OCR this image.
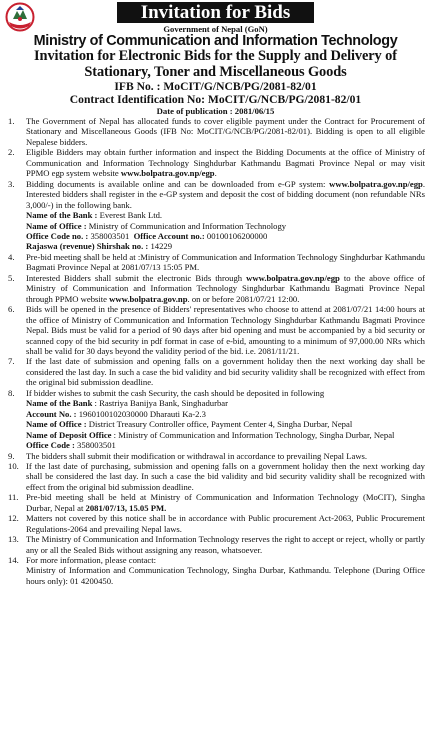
Invitation for Bids
Government of Nepal (GoN)
Ministry of Communication and Information Technology
Invitation for Electronic Bids for the Supply and Delivery of Stationary, Toner and Miscellaneous Goods
IFB No. : MoCIT/G/NCB/PG/2081-82/01
Contract Identification No: MoCIT/G/NCB/PG/2081-82/01
Date of publication : 2081/06/15
1. The Government of Nepal has allocated funds to cover eligible payment under the Contract for Procurement of Stationary and Miscellaneous Goods (IFB No: MoCIT/G/NCB/PG/2081-82/01). Bidding is open to all eligible Nepalese bidders.
2. Eligible Bidders may obtain further information and inspect the Bidding Documents at the office of Ministry of Communication and Information Technology Singhdurbar Kathmandu Bagmati Province Nepal or may visit PPMO egp system website www.bolpatra.gov.np/egp.
3. Bidding documents is available online and can be downloaded from e-GP system: www.bolpatra.gov.np/egp. Interested bidders shall register in the e-GP system and deposit the cost of bidding document (non refundable NRs 3,000/-) in the following bank.
Name of the Bank : Everest Bank Ltd.
Name of Office : Ministry of Communication and Information Technology
Office Code no. : 358003501 Office Account no.: 00100106200000
Rajaswa (revenue) Shirshak no. : 14229
4. Pre-bid meeting shall be held at :Ministry of Communication and Information Technology Singhdurbar Kathmandu Bagmati Province Nepal at 2081/07/13 15:05 PM.
5. Interested Bidders shall submit the electronic Bids through www.bolpatra.gov.np/egp to the above office of Ministry of Communication and Information Technology Singhdurbar Kathmandu Bagmati Province Nepal through PPMO website www.bolpatra.gov.np. on or before 2081/07/21 12:00.
6. Bids will be opened in the presence of Bidders' representatives who choose to attend at 2081/07/21 14:00 hours at the office of Ministry of Communication and Information Technology Singhdurbar Kathmandu Bagmati Province Nepal. Bids must be valid for a period of 90 days after bid opening and must be accompanied by a bid security or scanned copy of the bid security in pdf format in case of e-bid, amounting to a minimum of 97,000.00 NRs which shall be valid for 30 days beyond the validity period of the bid. i.e. 2081/11/21.
7. If the last date of submission and opening falls on a government holiday then the next working day shall be considered the last day. In such a case the bid validity and bid security validity shall be recognized with effect from the original bid submission deadline.
8. If bidder wishes to submit the cash Security, the cash should be deposited in following
Name of the Bank : Rastriya Banijya Bank, Singhadurbar
Account No. : 1960100102030000 Dharauti Ka-2.3
Name of Office : District Treasury Controller office, Payment Center 4, Singha Durbar, Nepal
Name of Deposit Office : Ministry of Communication and Information Technology, Singha Durbar, Nepal
Office Code : 358003501
9. The bidders shall submit their modification or withdrawal in accordance to prevailing Nepal Laws.
10. If the last date of purchasing, submission and opening falls on a government holiday then the next working day shall be considered the last day. In such a case the bid validity and bid security validity shall be recognized with effect from the original bid submission deadline.
11. Pre-bid meeting shall be held at Ministry of Communication and Information Technology (MoCIT), Singha Durbar, Nepal at 2081/07/13, 15.05 PM.
12. Matters not covered by this notice shall be in accordance with Public procurement Act-2063, Public Procurement Regulations-2064 and prevailing Nepal laws.
13. The Ministry of Communication and Information Technology reserves the right to accept or reject, wholly or partly any or all the Sealed Bids without assigning any reason, whatsoever.
14. For more information, please contact:
Ministry of Information and Communication Technology, Singha Durbar, Kathmandu. Telephone (During Office hours only): 01 4200450.
